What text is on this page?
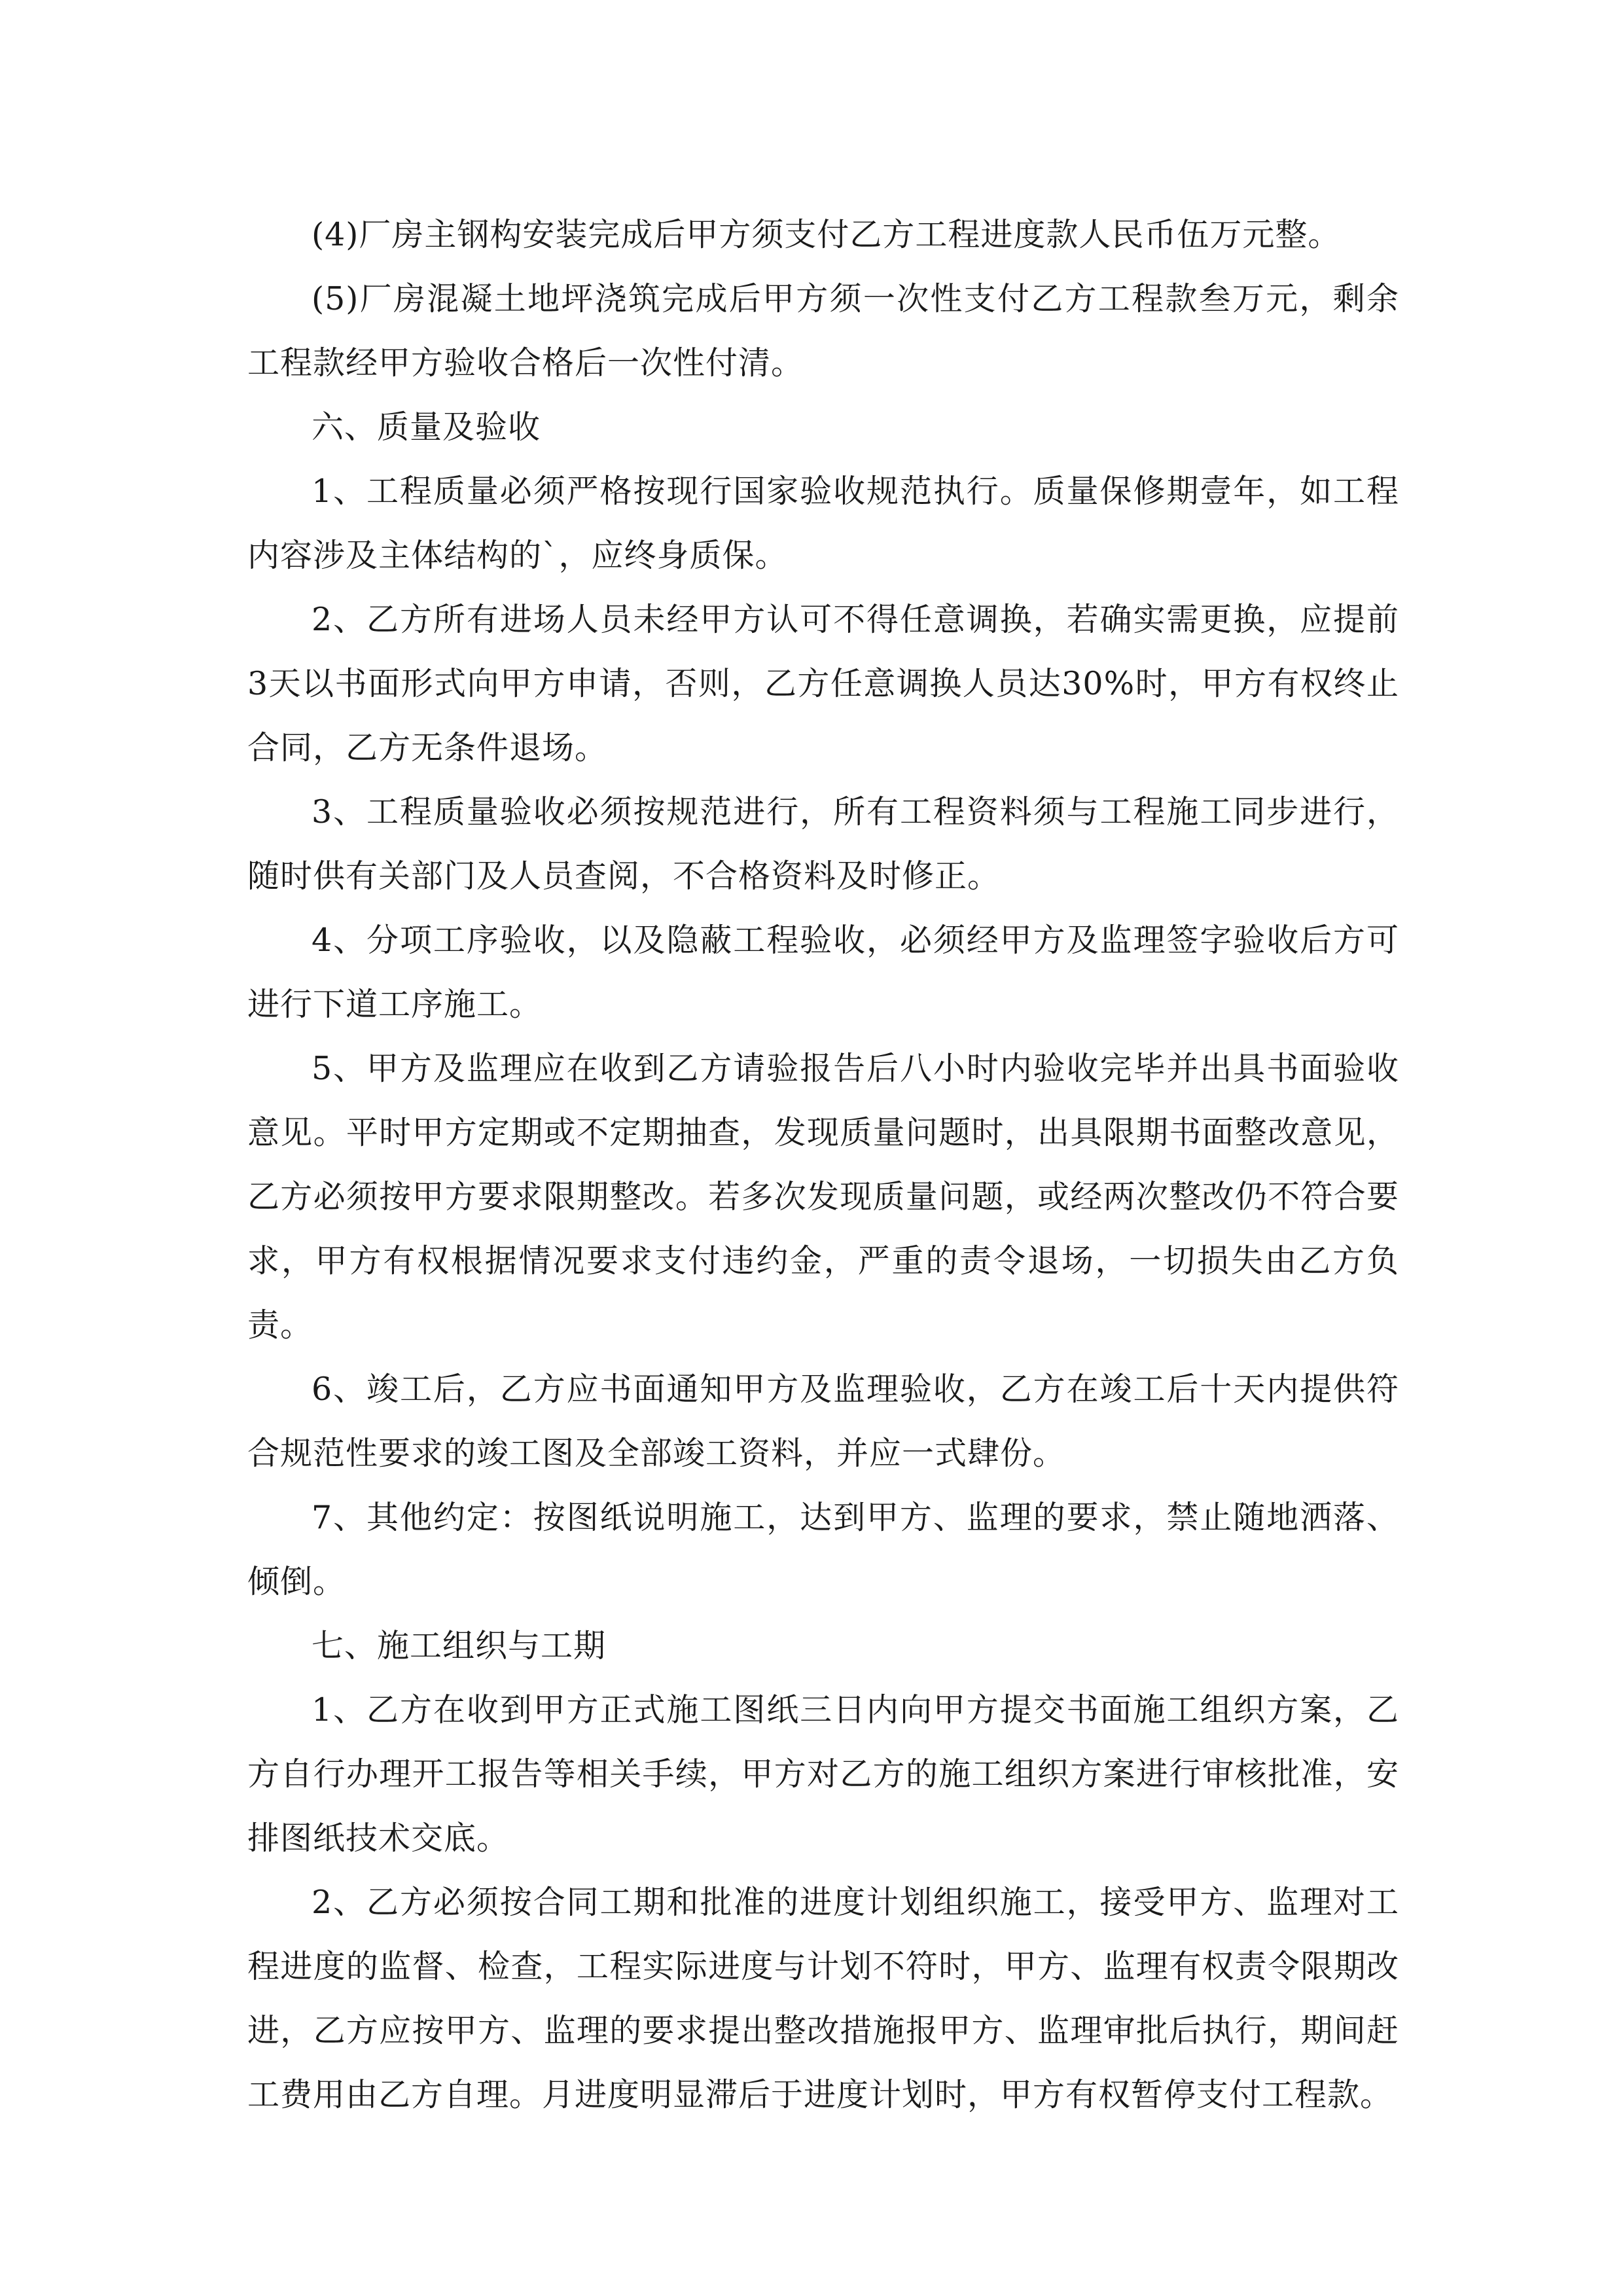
(4)厂房主钢构安装完成后甲方须支付乙方工程进度款人民币伍万元整。

(5)厂房混凝土地坪浇筑完成后甲方须一次性支付乙方工程款叁万元，剩余工程款经甲方验收合格后一次性付清。

六、质量及验收

1、工程质量必须严格按现行国家验收规范执行。质量保修期壹年，如工程内容涉及主体结构的`，应终身质保。

2、乙方所有进场人员未经甲方认可不得任意调换，若确实需更换，应提前3天以书面形式向甲方申请，否则，乙方任意调换人员达30%时，甲方有权终止合同，乙方无条件退场。

3、工程质量验收必须按规范进行，所有工程资料须与工程施工同步进行，随时供有关部门及人员查阅，不合格资料及时修正。

4、分项工序验收，以及隐蔽工程验收，必须经甲方及监理签字验收后方可进行下道工序施工。

5、甲方及监理应在收到乙方请验报告后八小时内验收完毕并出具书面验收意见。平时甲方定期或不定期抽查，发现质量问题时，出具限期书面整改意见，乙方必须按甲方要求限期整改。若多次发现质量问题，或经两次整改仍不符合要求，甲方有权根据情况要求支付违约金，严重的责令退场，一切损失由乙方负责。

6、竣工后，乙方应书面通知甲方及监理验收，乙方在竣工后十天内提供符合规范性要求的竣工图及全部竣工资料，并应一式肆份。

7、其他约定：按图纸说明施工，达到甲方、监理的要求，禁止随地洒落、倾倒。

七、施工组织与工期

1、乙方在收到甲方正式施工图纸三日内向甲方提交书面施工组织方案，乙方自行办理开工报告等相关手续，甲方对乙方的施工组织方案进行审核批准，安排图纸技术交底。

2、乙方必须按合同工期和批准的进度计划组织施工，接受甲方、监理对工程进度的监督、检查，工程实际进度与计划不符时，甲方、监理有权责令限期改进，乙方应按甲方、监理的要求提出整改措施报甲方、监理审批后执行，期间赶工费用由乙方自理。月进度明显滞后于进度计划时，甲方有权暂停支付工程款。
